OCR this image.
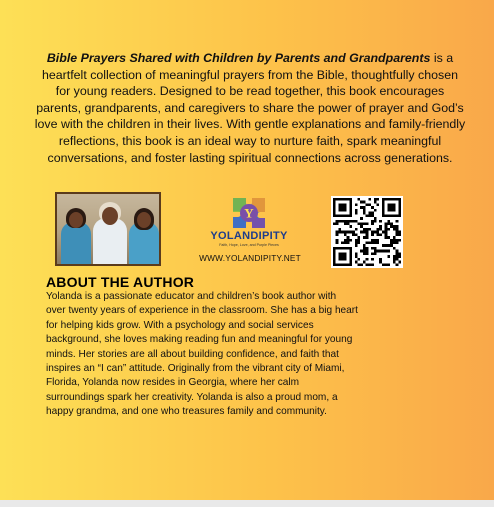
Bible Prayers Shared with Children by Parents and Grandparents is a heartfelt collection of meaningful prayers from the Bible, thoughtfully chosen for young readers. Designed to be read together, this book encourages parents, grandparents, and caregivers to share the power of prayer and God’s love with the children in their lives. With gentle explanations and family-friendly reflections, this book is an ideal way to nurture faith, spark meaningful conversations, and foster lasting spiritual connections across generations.

Y
YOLANDIPITY
Faith, Hope, Love, and Purple Pieces
WWW.YOLANDIPITY.NET
ABOUT THE AUTHOR

Yolanda is a passionate educator and children’s book author with over twenty years of experience in the classroom. She has a big heart for helping kids grow. With a psychology and social services background, she loves making reading fun and meaningful for young minds. Her stories are all about building confidence, and faith that inspires an “I can” attitude. Originally from the vibrant city of Miami, Florida, Yolanda now resides in Georgia, where her calm surroundings spark her creativity. Yolanda is also a proud mom, a happy grandma, and one who treasures family and community.
